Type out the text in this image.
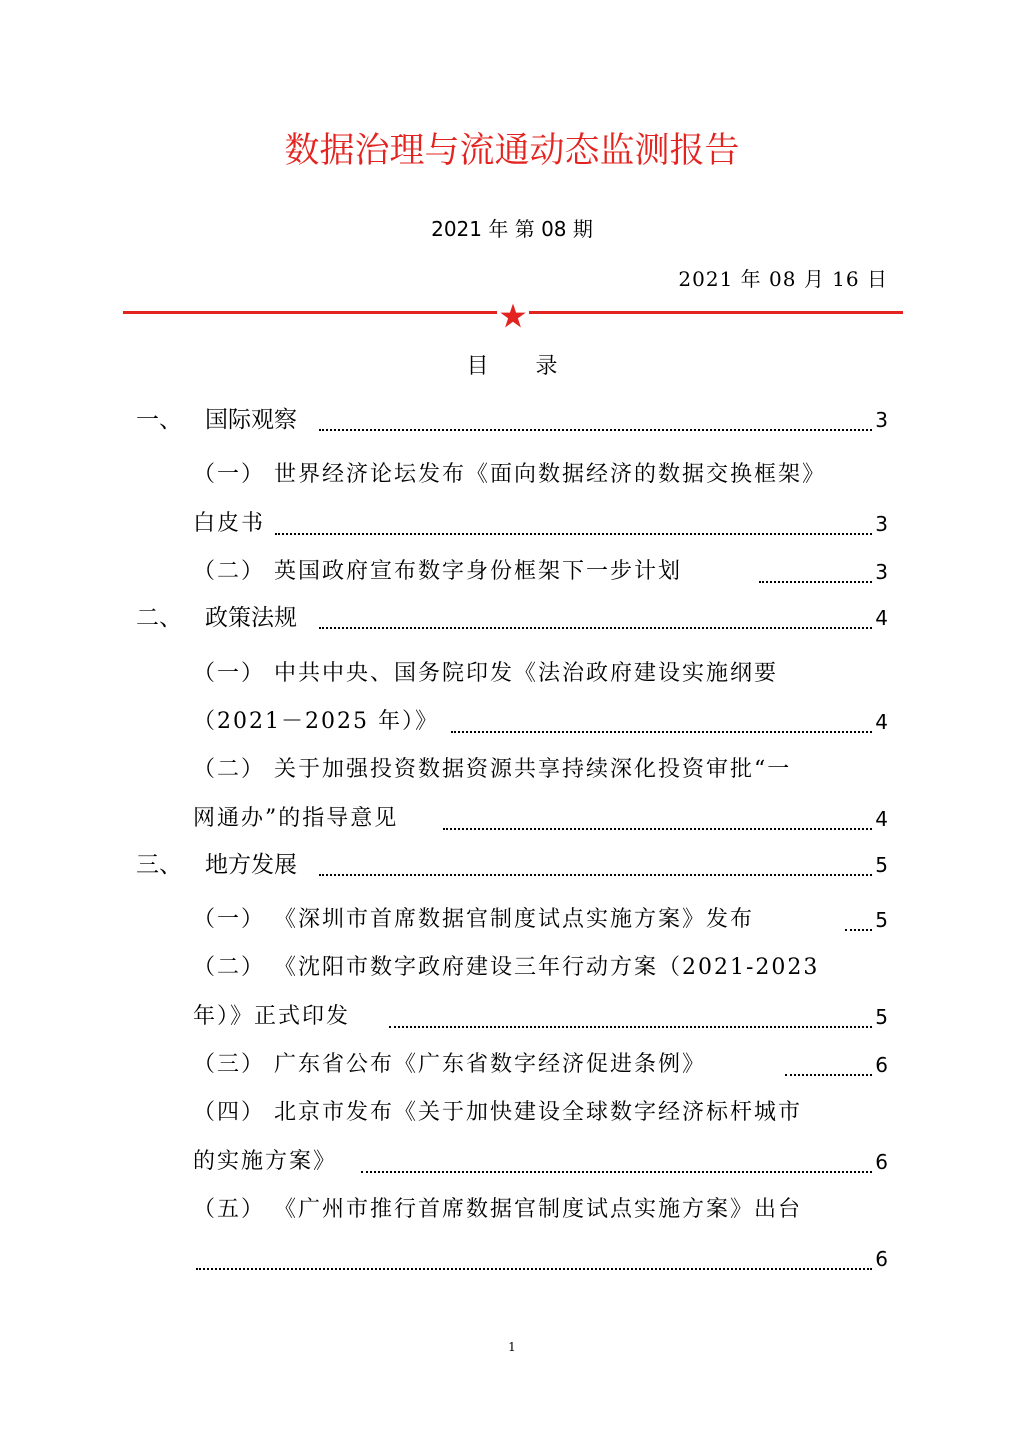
数据治理与流通动态监测报告
2021 年 第 08 期
2021 年 08 月 16 日
目 录
一、 国际观察	3
（一） 世界经济论坛发布《面向数据经济的数据交换框架》
白皮书	3
（二） 英国政府宣布数字身份框架下一步计划	3
二、 政策法规	4
（一） 中共中央、国务院印发《法治政府建设实施纲要
（2021－2025 年）》	4
（二） 关于加强投资数据资源共享持续深化投资审批“一
网通办”的指导意见	4
三、 地方发展	5
（一） 《深圳市首席数据官制度试点实施方案》发布	5
（二） 《沈阳市数字政府建设三年行动方案（2021-2023
年）》正式印发	5
（三） 广东省公布《广东省数字经济促进条例》	6
（四） 北京市发布《关于加快建设全球数字经济标杆城市
的实施方案》	6
（五） 《广州市推行首席数据官制度试点实施方案》出台
6
1
